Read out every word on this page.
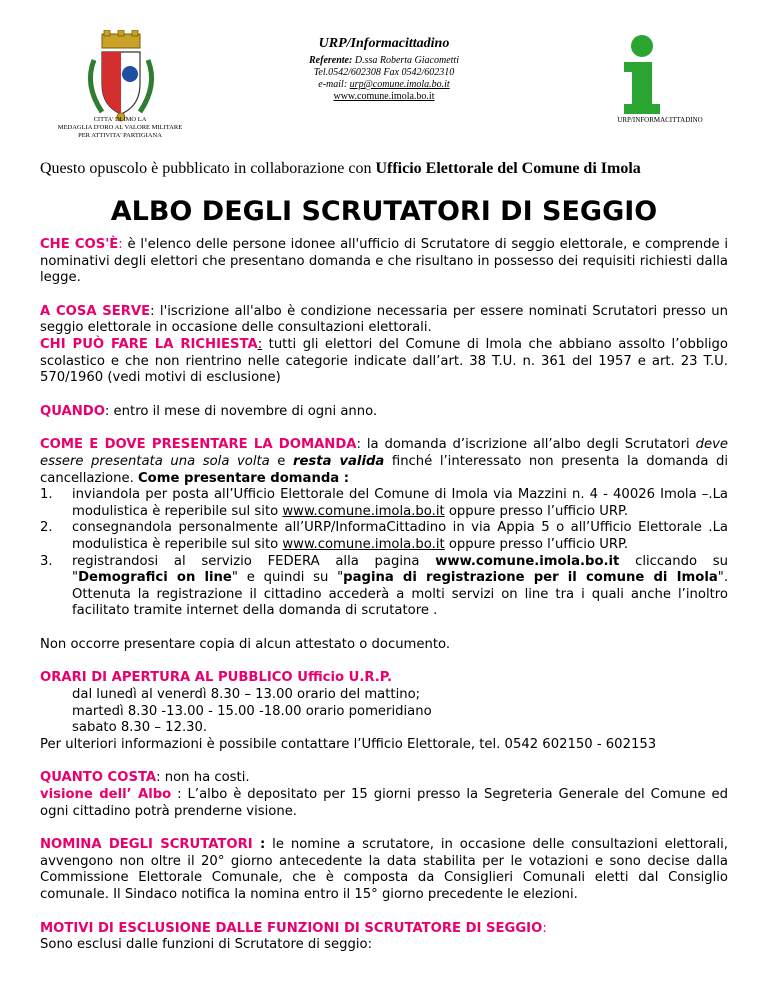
CITTA' DI IMO LA
MEDAGLIA D'ORO AL VALORE MILITARE
PER ATTIVITA' PARTIGIANA
URP/Informacittadino
Referente: D.ssa Roberta Giacometti
Tel.0542/602308 Fax 0542/602310
e-mail: urp@comune.imola.bo.it
www.comune.imola.bo.it
i
URP/INFORMACITTADINO
Questo opuscolo è pubblicato in collaborazione con Ufficio Elettorale del Comune di Imola
ALBO DEGLI SCRUTATORI DI SEGGIO

CHE COS'È: è l'elenco delle persone idonee all'ufficio di Scrutatore di seggio elettorale, e comprende i nominativi degli elettori che presentano domanda e che risultano in possesso dei requisiti richiesti dalla legge.

A COSA SERVE: l'iscrizione all'albo è condizione necessaria per essere nominati Scrutatori presso un seggio elettorale in occasione delle consultazioni elettorali.

CHI PUÒ FARE LA RICHIESTA: tutti gli elettori del Comune di Imola che abbiano assolto l’obbligo scolastico e che non rientrino nelle categorie indicate dall’art. 38 T.U. n. 361 del 1957 e art. 23 T.U. 570/1960 (vedi motivi di esclusione)

QUANDO: entro il mese di novembre di ogni anno.

COME E DOVE PRESENTARE LA DOMANDA: la domanda d’iscrizione all’albo degli Scrutatori deve essere presentata una sola volta e resta valida finché l’interessato non presenta la domanda di cancellazione. Come presentare domanda :

1. inviandola per posta all’Ufficio Elettorale del Comune di Imola via Mazzini n. 4 - 40026 Imola –.La modulistica è reperibile sul sito www.comune.imola.bo.it oppure presso l’ufficio URP.
2. consegnandola personalmente all’URP/InformaCittadino in via Appia 5 o all’Ufficio Elettorale .La modulistica è reperibile sul sito www.comune.imola.bo.it oppure presso l’ufficio URP.
3. registrandosi al servizio FEDERA alla pagina www.comune.imola.bo.it cliccando su "Demografici on line" e quindi su "pagina di registrazione per il comune di Imola". Ottenuta la registrazione il cittadino accederà a molti servizi on line tra i quali anche l’inoltro facilitato tramite internet della domanda di scrutatore .

Non occorre presentare copia di alcun attestato o documento.

ORARI DI APERTURA AL PUBBLICO Ufficio U.R.P.

dal lunedì al venerdì 8.30 – 13.00 orario del mattino;

martedì 8.30 -13.00 - 15.00 -18.00 orario pomeridiano

sabato 8.30 – 12.30.

Per ulteriori informazioni è possibile contattare l’Ufficio Elettorale, tel. 0542 602150 - 602153

QUANTO COSTA: non ha costi.

visione dell’ Albo : L’albo è depositato per 15 giorni presso la Segreteria Generale del Comune ed ogni cittadino potrà prenderne visione.

NOMINA DEGLI SCRUTATORI : le nomine a scrutatore, in occasione delle consultazioni elettorali, avvengono non oltre il 20° giorno antecedente la data stabilita per le votazioni e sono decise dalla Commissione Elettorale Comunale, che è composta da Consiglieri Comunali eletti dal Consiglio comunale. Il Sindaco notifica la nomina entro il 15° giorno precedente le elezioni.

MOTIVI DI ESCLUSIONE DALLE FUNZIONI DI SCRUTATORE DI SEGGIO:

Sono esclusi dalle funzioni di Scrutatore di seggio:
